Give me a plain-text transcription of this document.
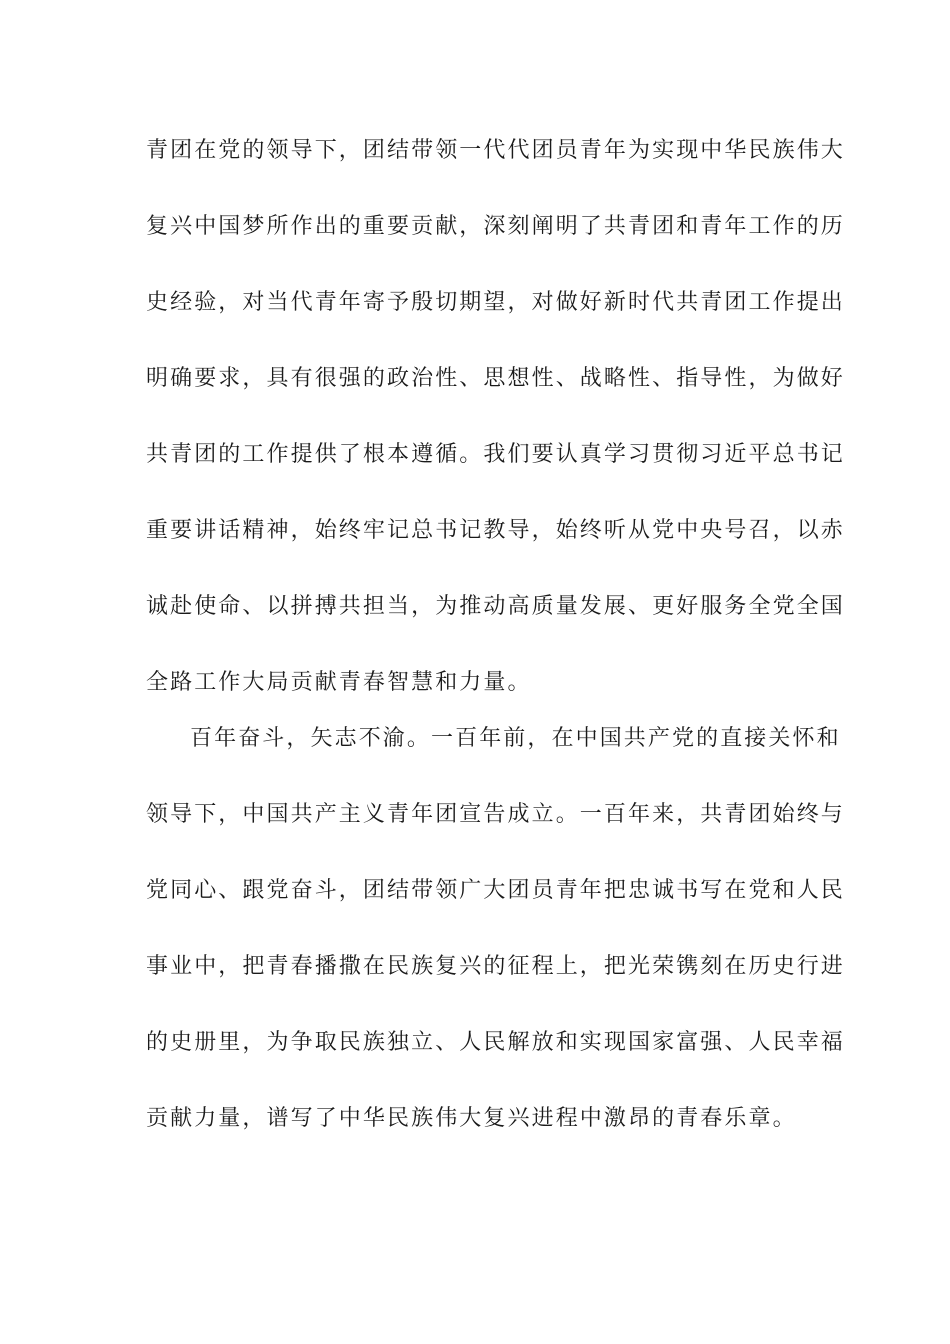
青团在党的领导下，团结带领一代代团员青年为实现中华民族伟大
复兴中国梦所作出的重要贡献，深刻阐明了共青团和青年工作的历
史经验，对当代青年寄予殷切期望，对做好新时代共青团工作提出
明确要求，具有很强的政治性、思想性、战略性、指导性，为做好
共青团的工作提供了根本遵循。我们要认真学习贯彻习近平总书记
重要讲话精神，始终牢记总书记教导，始终听从党中央号召，以赤
诚赴使命、以拼搏共担当，为推动高质量发展、更好服务全党全国
全路工作大局贡献青春智慧和力量。
百年奋斗，矢志不渝。一百年前，在中国共产党的直接关怀和
领导下，中国共产主义青年团宣告成立。一百年来，共青团始终与
党同心、跟党奋斗，团结带领广大团员青年把忠诚书写在党和人民
事业中，把青春播撒在民族复兴的征程上，把光荣镌刻在历史行进
的史册里，为争取民族独立、人民解放和实现国家富强、人民幸福
贡献力量，谱写了中华民族伟大复兴进程中激昂的青春乐章。
